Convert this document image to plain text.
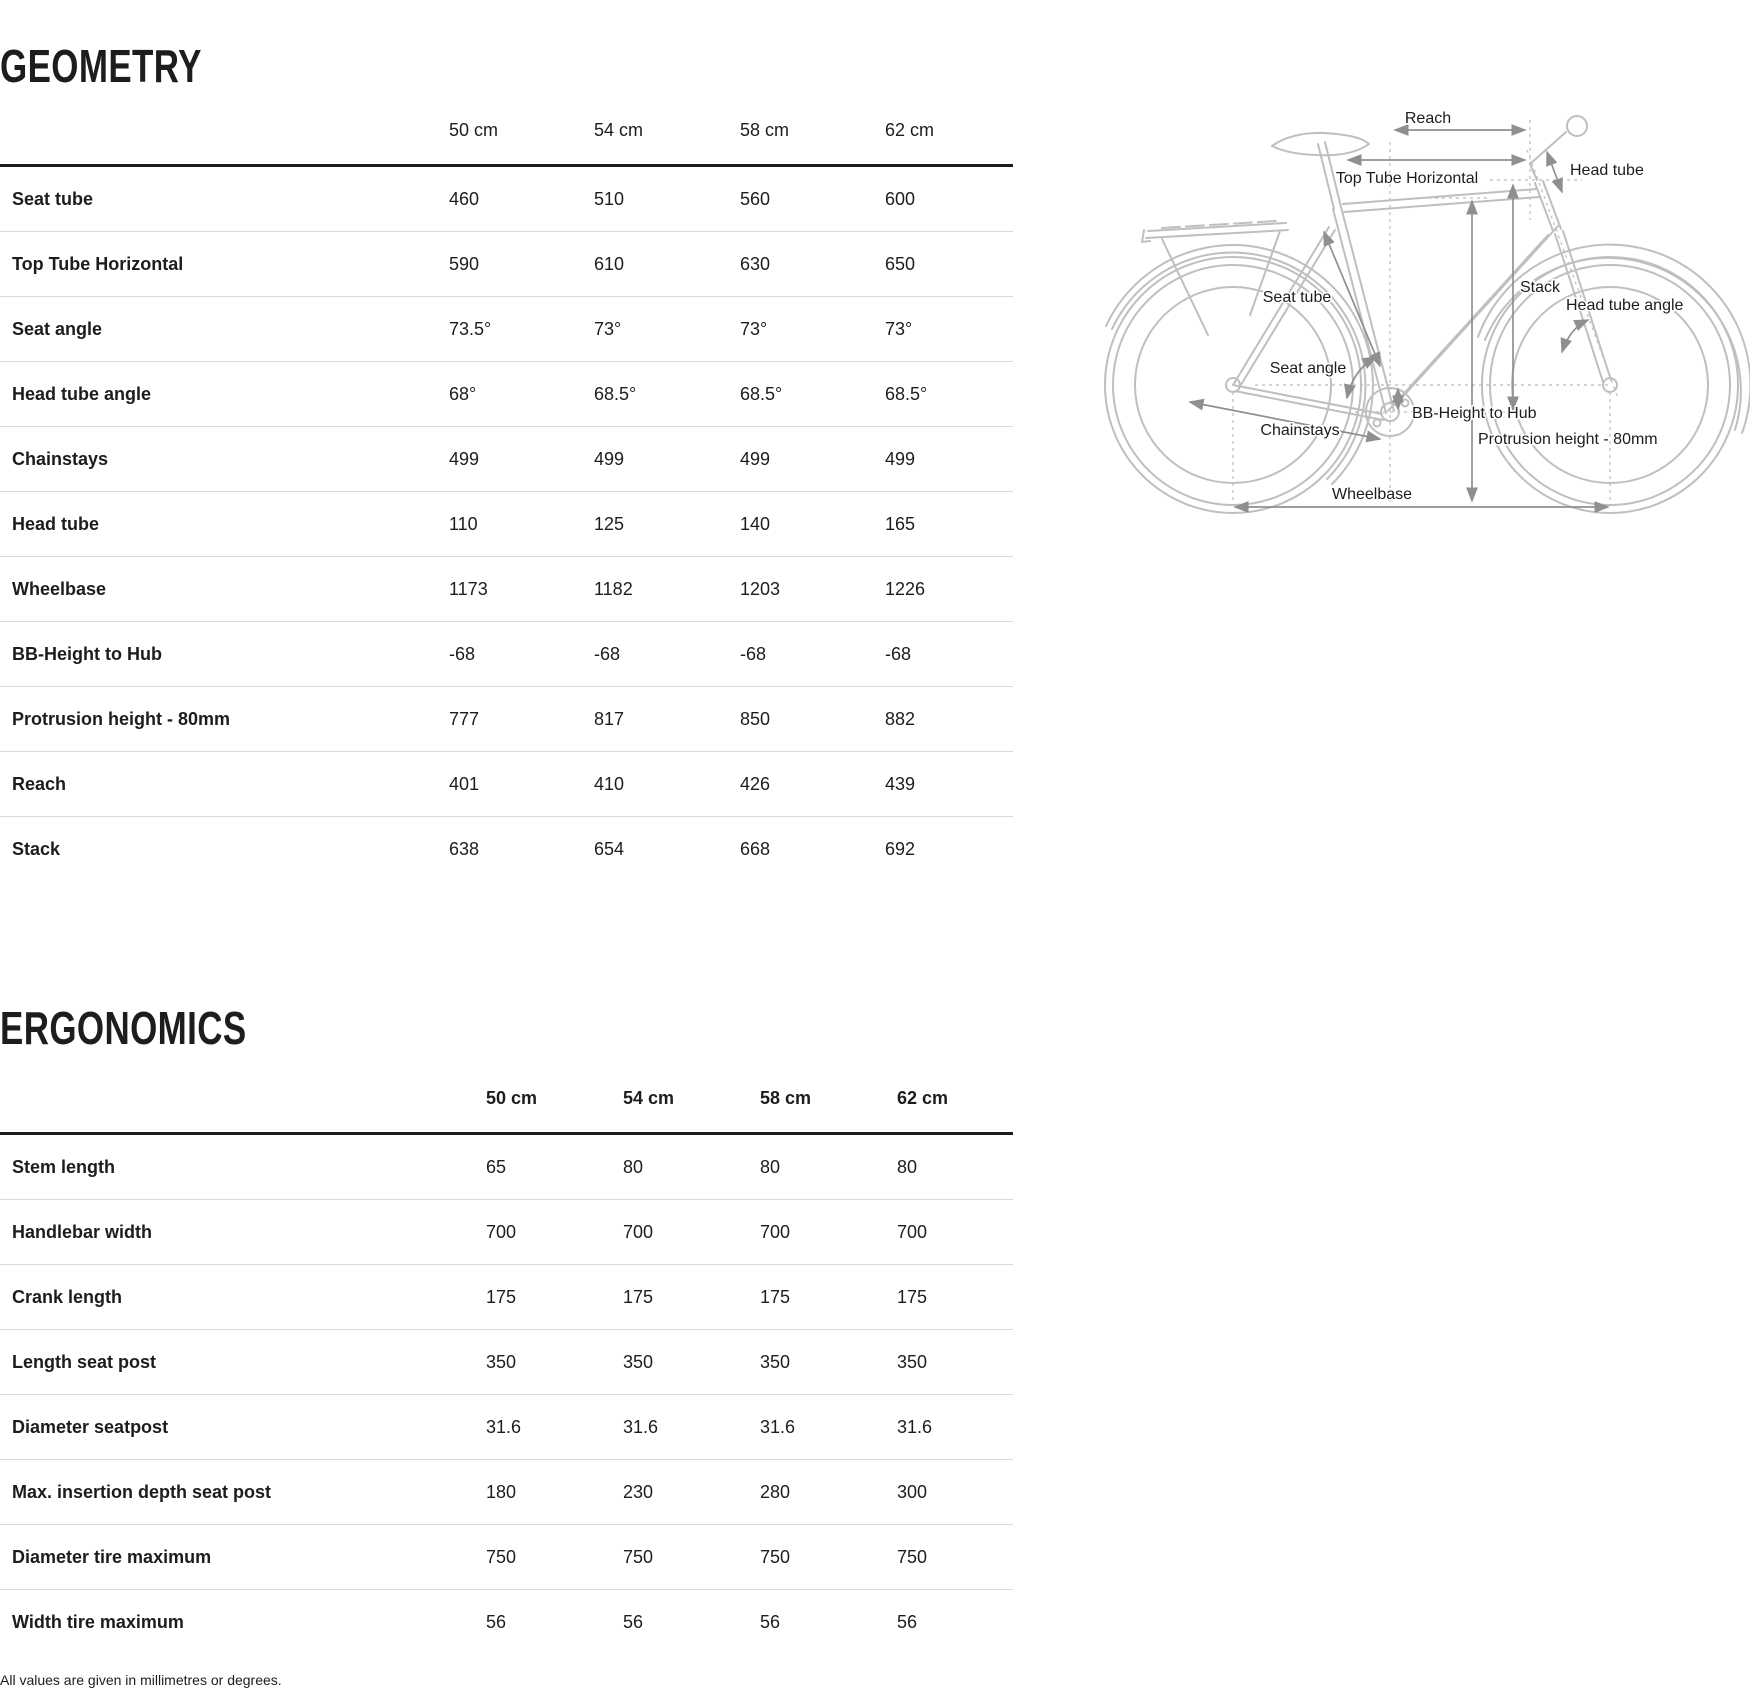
GEOMETRY
50 cm	54 cm	58 cm	62 cm
Seat tube	460	510	560	600
Top Tube Horizontal	590	610	630	650
Seat angle	73.5°	73°	73°	73°
Head tube angle	68°	68.5°	68.5°	68.5°
Chainstays	499	499	499	499
Head tube	110	125	140	165
Wheelbase	1173	1182	1203	1226
BB-Height to Hub	-68	-68	-68	-68
Protrusion height - 80mm	777	817	850	882
Reach	401	410	426	439
Stack	638	654	668	692
ERGONOMICS
50 cm	54 cm	58 cm	62 cm
Stem length	65	80	80	80
Handlebar width	700	700	700	700
Crank length	175	175	175	175
Length seat post	350	350	350	350
Diameter seatpost	31.6	31.6	31.6	31.6
Max. insertion depth seat post	180	230	280	300
Diameter tire maximum	750	750	750	750
Width tire maximum	56	56	56	56
Reach
Top Tube Horizontal	Head tube
Seat tube
Stack
Head tube angle
Seat angle
BB-Height to Hub
Chainstays
Protrusion height - 80mm
Wheelbase
All values are given in millimetres or degrees.
